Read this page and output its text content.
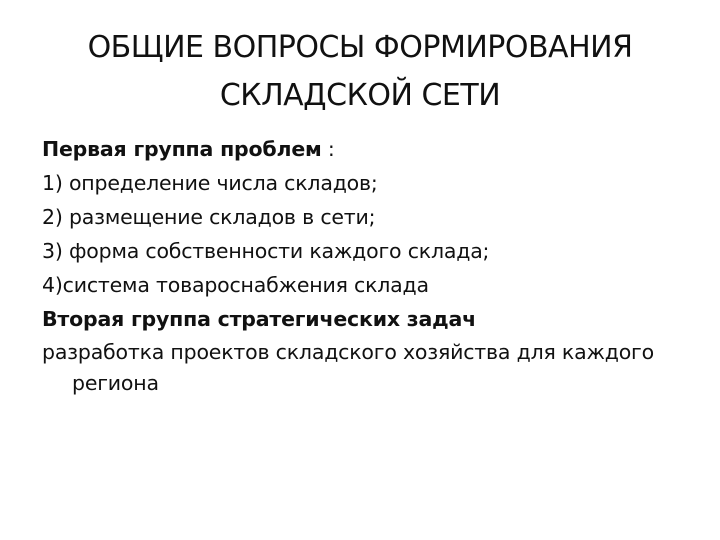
ОБЩИЕ ВОПРОСЫ ФОРМИРОВАНИЯ
СКЛАДСКОЙ СЕТИ
Первая группа проблем :
1) определение числа складов;
2) размещение складов в сети;
3) форма собственности каждого склада;
4)система товароснабжения склада
Вторая группа стратегических задач
разработка проектов складского хозяйства для каждого региона
